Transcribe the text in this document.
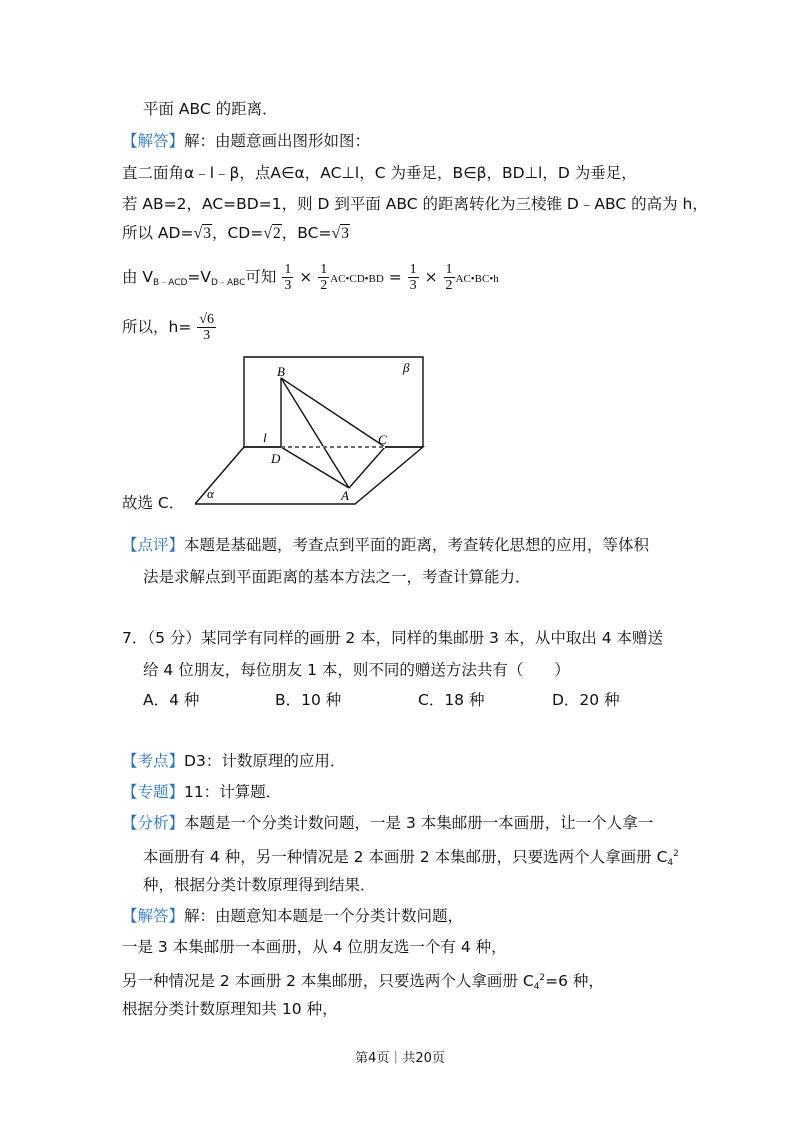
平面 ABC 的距离．
【解答】解：由题意画出图形如图：
直二面角α﹣l﹣β，点A∈α，AC⊥l，C 为垂足，B∈β，BD⊥l，D 为垂足，
若 AB=2，AC=BD=1，则 D 到平面 ABC 的距离转化为三棱锥 D﹣ABC 的高为 h，
所以 AD=√3，CD=√2，BC=√3
由 $V_{B﹣ACD}=V_{D﹣ABC}$可知 $\frac{1}{3} \times \frac{1}{2}$ AC•CD•BD = $\frac{1}{3} \times \frac{1}{2}$ AC•BC•h
所以，$h= \frac{√6}{3}$
B	β
l	C
D
A
α
故选 C．
【点评】本题是基础题，考查点到平面的距离，考查转化思想的应用，等体积
法是求解点到平面距离的基本方法之一，考查计算能力．
7．（5 分）某同学有同样的画册 2 本，同样的集邮册 3 本，从中取出 4 本赠送
给 4 位朋友，每位朋友 1 本，则不同的赠送方法共有（　　）
A．4 种	B．10 种	C．18 种	D．20 种
【考点】D3：计数原理的应用．
【专题】11：计算题．
【分析】本题是一个分类计数问题，一是 3 本集邮册一本画册，让一个人拿一
本画册有 4 种，另一种情况是 2 本画册 2 本集邮册，只要选两个人拿画册 $C_4^2$
种，根据分类计数原理得到结果．
【解答】解：由题意知本题是一个分类计数问题，
一是 3 本集邮册一本画册，从 4 位朋友选一个有 4 种，
另一种情况是 2 本画册 2 本集邮册，只要选两个人拿画册 $C_4^2=6$ 种，
根据分类计数原理知共 10 种，
第4页｜共20页
